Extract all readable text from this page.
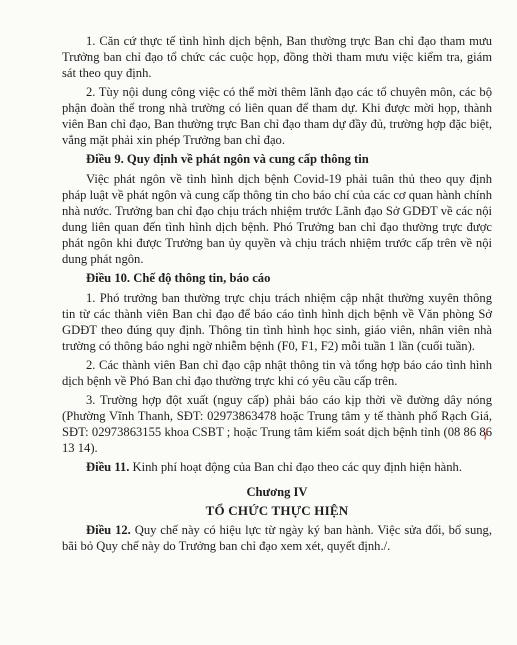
1. Căn cứ thực tế tình hình dịch bệnh, Ban thường trực Ban chỉ đạo tham mưu Trưởng ban chỉ đạo tổ chức các cuộc họp, đồng thời tham mưu việc kiểm tra, giám sát theo quy định.

2. Tùy nội dung công việc có thể mời thêm lãnh đạo các tổ chuyên môn, các bộ phận đoàn thể trong nhà trường có liên quan để tham dự. Khi được mời họp, thành viên Ban chỉ đạo, Ban thường trực Ban chỉ đạo tham dự đầy đủ, trường hợp đặc biệt, vắng mặt phải xin phép Trưởng ban chỉ đạo.

Điều 9. Quy định về phát ngôn và cung cấp thông tin

Việc phát ngôn về tình hình dịch bệnh Covid-19 phải tuân thủ theo quy định pháp luật về phát ngôn và cung cấp thông tin cho báo chí của các cơ quan hành chính nhà nước. Trưởng ban chỉ đạo chịu trách nhiệm trước Lãnh đạo Sở GDĐT về các nội dung liên quan đến tình hình dịch bệnh. Phó Trưởng ban chỉ đạo thường trực được phát ngôn khi được Trưởng ban ủy quyền và chịu trách nhiệm trước cấp trên về nội dung phát ngôn.

Điều 10. Chế độ thông tin, báo cáo

1. Phó trưởng ban thường trực chịu trách nhiệm cập nhật thường xuyên thông tin từ các thành viên Ban chỉ đạo để báo cáo tình hình dịch bệnh về Văn phòng Sở GDĐT theo đúng quy định. Thông tin tình hình học sinh, giáo viên, nhân viên nhà trường có thông báo nghi ngờ nhiễm bệnh (F0, F1, F2) mỗi tuần 1 lần (cuối tuần).

2. Các thành viên Ban chỉ đạo cập nhật thông tin và tổng hợp báo cáo tình hình dịch bệnh về Phó Ban chỉ đạo thường trực khi có yêu cầu cấp trên.

3. Trường hợp đột xuất (nguy cấp) phải báo cáo kịp thời về đường dây nóng (Phường Vĩnh Thanh, SĐT: 02973863478 hoặc Trung tâm y tế thành phố Rạch Giá, SĐT: 02973863155 khoa CSBT ; hoặc Trung tâm kiểm soát dịch bệnh tỉnh (08 86 86 13 14).

Điều 11. Kinh phí hoạt động của Ban chỉ đạo theo các quy định hiện hành.

Chương IV

TỔ CHỨC THỰC HIỆN

Điều 12. Quy chế này có hiệu lực từ ngày ký ban hành. Việc sửa đổi, bổ sung, bãi bỏ Quy chế này do Trưởng ban chỉ đạo xem xét, quyết định./.
